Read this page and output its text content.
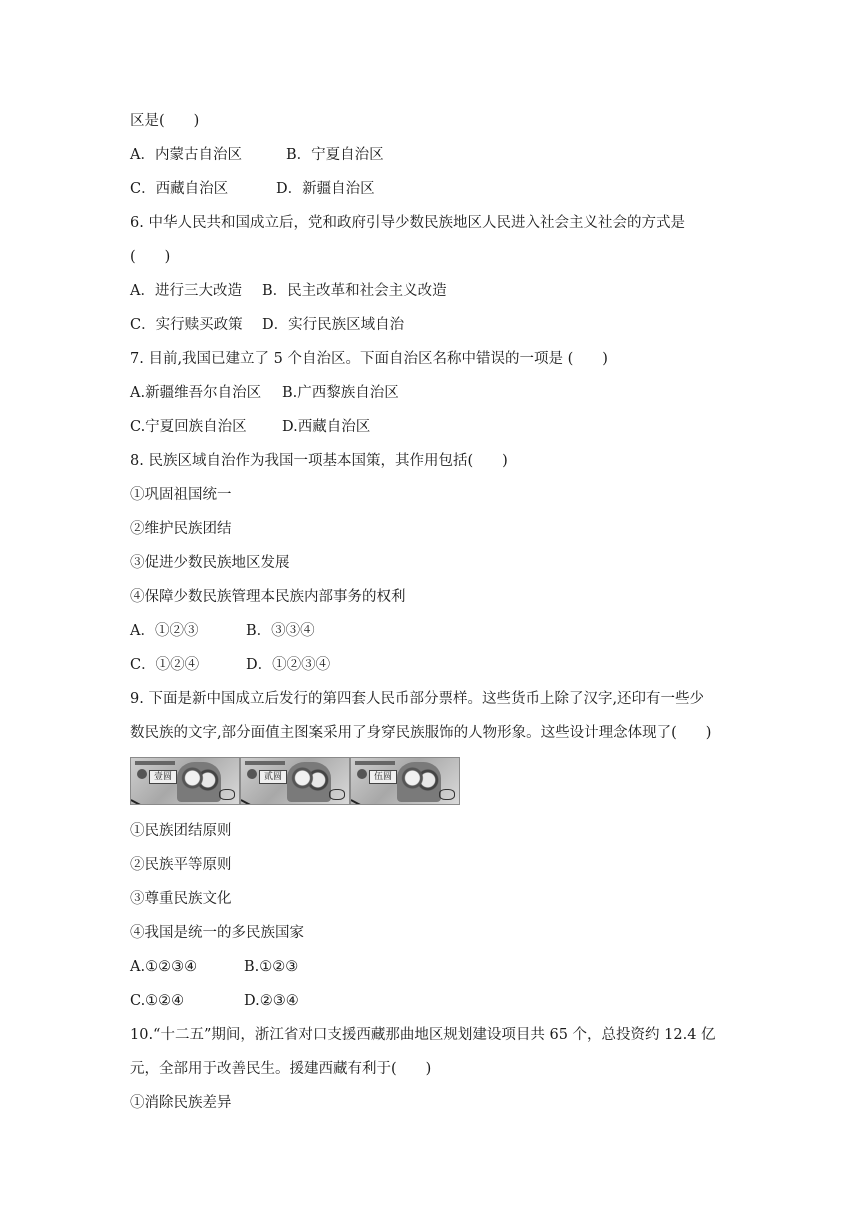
区是(　　)
A．内蒙古自治区	B．宁夏自治区
C．西藏自治区	D．新疆自治区
6. 中华人民共和国成立后，党和政府引导少数民族地区人民进入社会主义社会的方式是
(　　)
A．进行三大改造 B．民主改革和社会主义改造
C．实行赎买政策 D．实行民族区域自治
7. 目前,我国已建立了 5 个自治区。下面自治区名称中错误的一项是 (　　)
A.新疆维吾尔自治区 B.广西黎族自治区
C.宁夏回族自治区 D.西藏自治区
8. 民族区域自治作为我国一项基本国策，其作用包括(　　)
①巩固祖国统一
②维护民族团结
③促进少数民族地区发展
④保障少数民族管理本民族内部事务的权利
A．①②③	B．③③④
C．①②④	D．①②③④
9. 下面是新中国成立后发行的第四套人民币部分票样。这些货币上除了汉字,还印有一些少
数民族的文字,部分面值主图案采用了身穿民族服饰的人物形象。这些设计理念体现了(　　)
壹圆	贰圆	伍圆
①民族团结原则
②民族平等原则
③尊重民族文化
④我国是统一的多民族国家
A.①②③④	B.①②③
C.①②④	D.②③④
10.“十二五”期间，浙江省对口支援西藏那曲地区规划建设项目共 65 个，总投资约 12.4 亿
元，全部用于改善民生。援建西藏有利于(　　)
①消除民族差异
